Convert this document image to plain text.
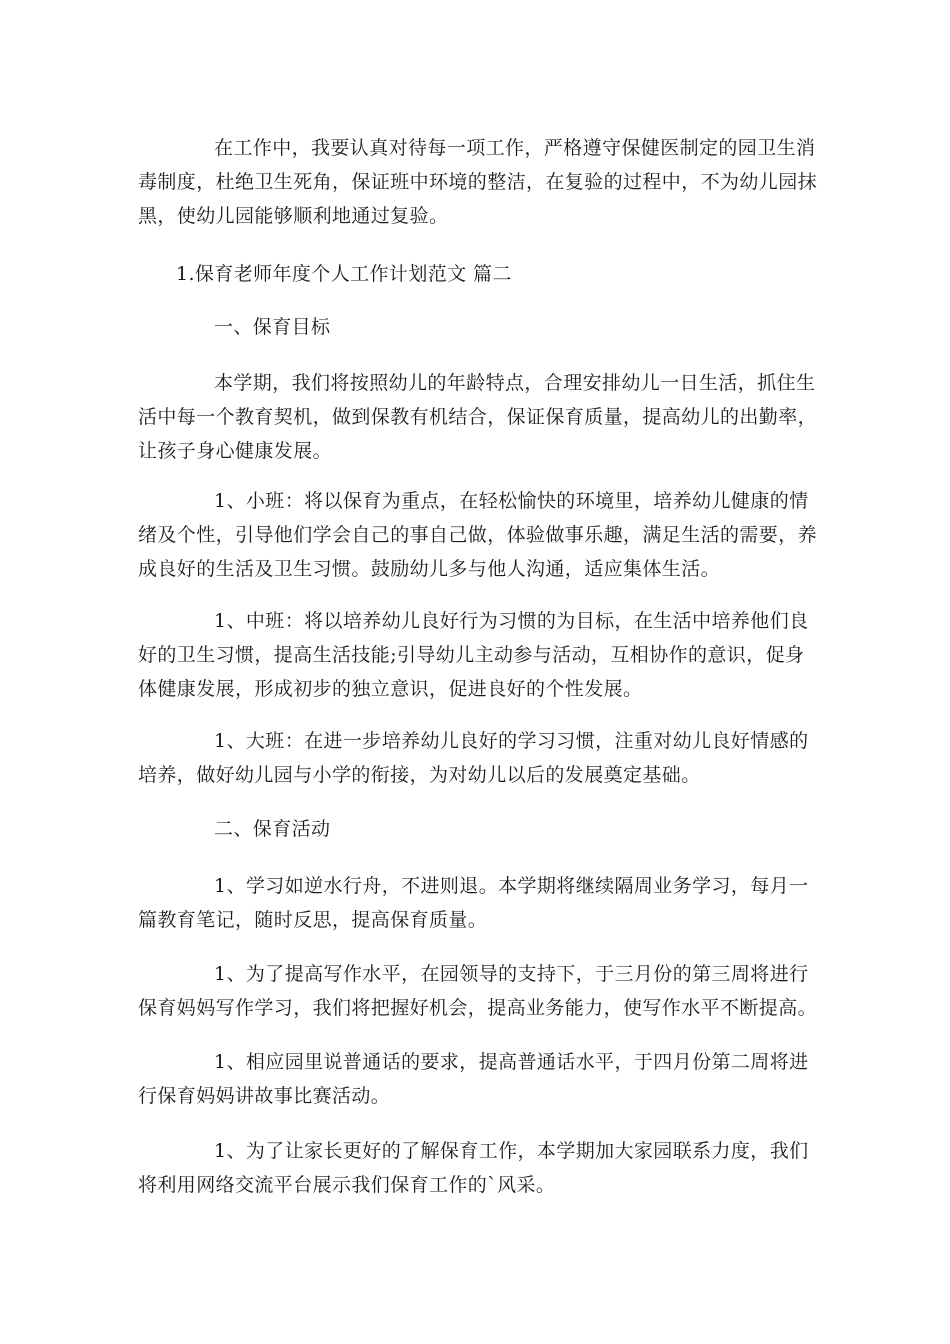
在工作中，我要认真对待每一项工作，严格遵守保健医制定的园卫生消
毒制度，杜绝卫生死角，保证班中环境的整洁，在复验的过程中，不为幼儿园抹
黑，使幼儿园能够顺利地通过复验。
1.保育老师年度个人工作计划范文 篇二
一、保育目标
本学期，我们将按照幼儿的年龄特点，合理安排幼儿一日生活，抓住生
活中每一个教育契机，做到保教有机结合，保证保育质量，提高幼儿的出勤率，
让孩子身心健康发展。
1、小班：将以保育为重点，在轻松愉快的环境里，培养幼儿健康的情
绪及个性，引导他们学会自己的事自己做，体验做事乐趣，满足生活的需要，养
成良好的生活及卫生习惯。鼓励幼儿多与他人沟通，适应集体生活。
1、中班：将以培养幼儿良好行为习惯的为目标，在生活中培养他们良
好的卫生习惯，提高生活技能;引导幼儿主动参与活动，互相协作的意识，促身
体健康发展，形成初步的独立意识，促进良好的个性发展。
1、大班：在进一步培养幼儿良好的学习习惯，注重对幼儿良好情感的
培养，做好幼儿园与小学的衔接，为对幼儿以后的发展奠定基础。
二、保育活动
1、学习如逆水行舟，不进则退。本学期将继续隔周业务学习，每月一
篇教育笔记，随时反思，提高保育质量。
1、为了提高写作水平，在园领导的支持下，于三月份的第三周将进行
保育妈妈写作学习，我们将把握好机会，提高业务能力，使写作水平不断提高。
1、相应园里说普通话的要求，提高普通话水平，于四月份第二周将进
行保育妈妈讲故事比赛活动。
1、为了让家长更好的了解保育工作，本学期加大家园联系力度，我们
将利用网络交流平台展示我们保育工作的`风采。
